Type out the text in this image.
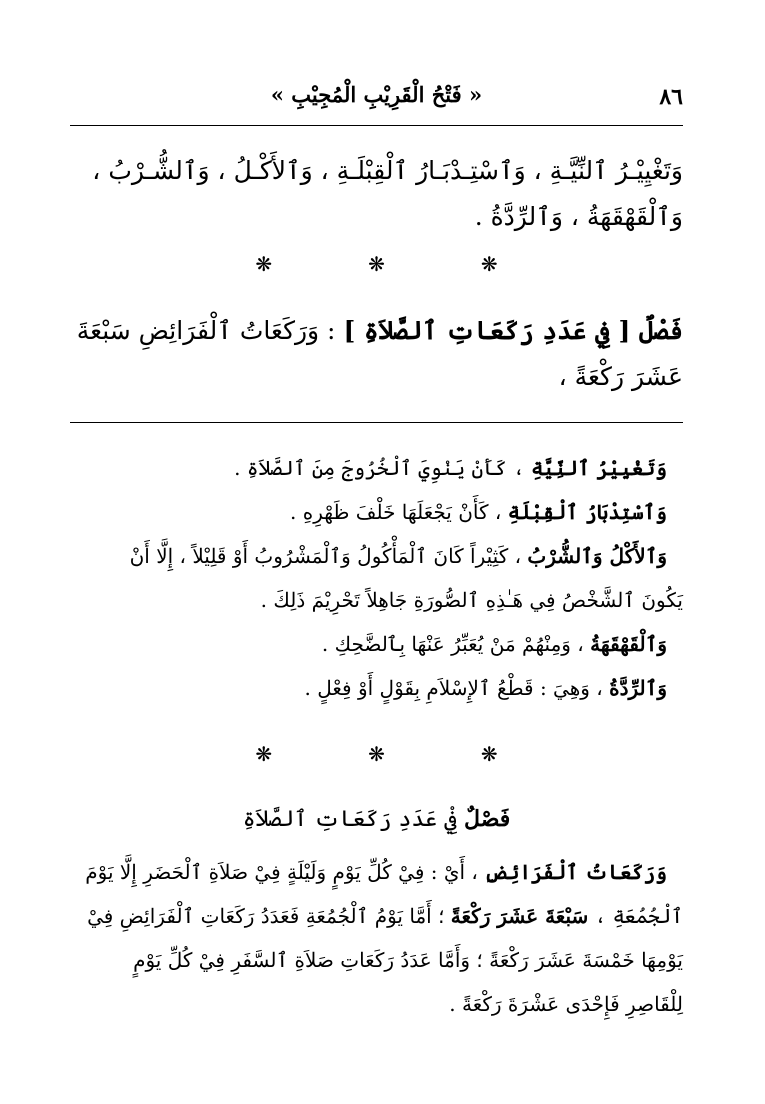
٨٦
« فَتْحُ الْقَرِيْبِ الْمُجِيْبِ »
وَتَغْيِيْـرُ ٱلنِّيَّـةِ ، وَٱسْتِـدْبَـارُ ٱلْقِبْلَـةِ ، وَٱلأَكْـلُ ، وَٱلشُّـرْبُ ،
وَٱلْقَهْقَهَةُ ، وَٱلرِّدَّةُ .
❋❋❋
فَصْلٌ [ فِي عَدَدِ رَكَعَاتِ ٱلصَّلاَةِ ] : وَرَكَعَاتُ ٱلْفَرَائِضِ سَبْعَةَ
عَشَرَ رَكْعَةً ،
وَتَغْيِيْرُ ٱلنِّيَّةِ ، كَأَنْ يَنْوِيَ ٱلْخُرُوجَ مِنَ ٱلصَّلاَةِ .
وَٱسْتِدْبَارُ ٱلْقِبْلَةِ ، كَأَنْ يَجْعَلَهَا خَلْفَ ظَهْرِهِ .
وَٱلأَكْلُ وَٱلشُّرْبُ ، كَثِيْراً كَانَ ٱلْمَأْكُولُ وَٱلْمَشْرُوبُ أَوْ قَلِيْلاً ، إِلَّا أَنْ
يَكُونَ ٱلشَّخْصُ فِي هَـٰذِهِ ٱلصُّورَةِ جَاهِلاً تَحْرِيْمَ ذَلِكَ .
وَٱلْقَهْقَهَةُ ، وَمِنْهُمْ مَنْ يُعَبِّرُ عَنْهَا بِٱلضَّحِكِ .
وَٱلرِّدَّةُ ، وَهِيَ : قَطْعُ ٱلإِسْلاَمِ بِقَوْلٍ أَوْ فِعْلٍ .
❋❋❋
فَصْلٌ فِيْ عَدَدِ رَكَعَاتِ ٱلصَّلاَةِ
وَرَكَعَاتُ ٱلْفَرَائِضِ ، أَيْ : فِيْ كُلِّ يَوْمٍ وَلَيْلَةٍ فِيْ صَلاَةِ ٱلْحَضَرِ إِلَّا يَوْمَ
ٱلْجُمُعَةِ ، سَبْعَةَ عَشَرَ رَكْعَةً ؛ أَمَّا يَوْمُ ٱلْجُمُعَةِ فَعَدَدُ رَكَعَاتِ ٱلْفَرَائِضِ فِيْ
يَوْمِهَا خَمْسَةَ عَشَرَ رَكْعَةً ؛ وَأَمَّا عَدَدُ رَكَعَاتِ صَلاَةِ ٱلسَّفَرِ فِيْ كُلِّ يَوْمٍ
لِلْقَاصِرِ فَإِحْدَى عَشْرَةَ رَكْعَةً .
